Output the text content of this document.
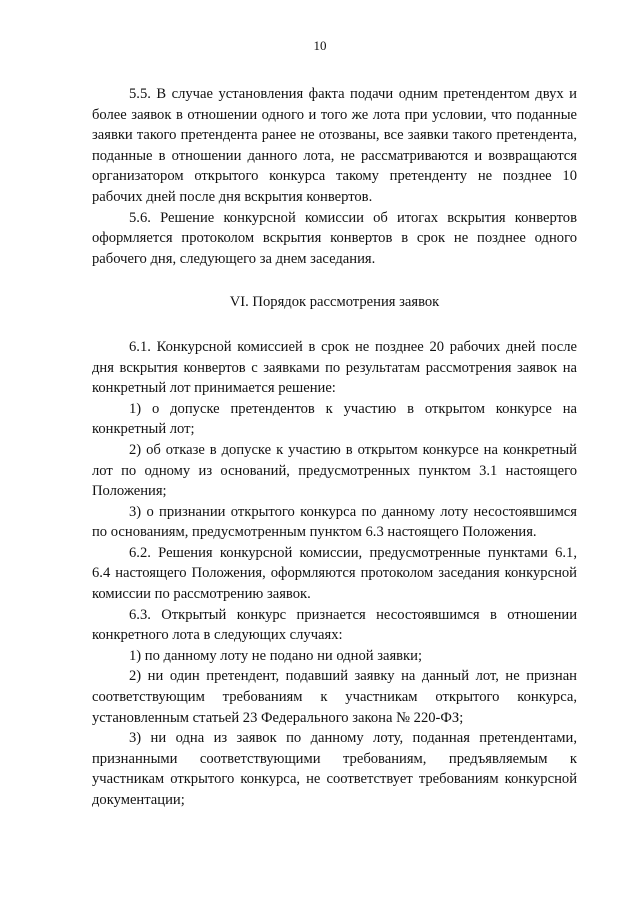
10

5.5. В случае установления факта подачи одним претендентом двух и более заявок в отношении одного и того же лота при условии, что поданные заявки такого претендента ранее не отозваны, все заявки такого претендента, поданные в отношении данного лота, не рассматриваются и возвращаются организатором открытого конкурса такому претенденту не позднее 10 рабочих дней после дня вскрытия конвертов.

5.6. Решение конкурсной комиссии об итогах вскрытия конвертов оформляется протоколом вскрытия конвертов в срок не позднее одного рабочего дня, следующего за днем заседания.

VI. Порядок рассмотрения заявок

6.1. Конкурсной комиссией в срок не позднее 20 рабочих дней после дня вскрытия конвертов с заявками по результатам рассмотрения заявок на конкретный лот принимается решение:

1) о допуске претендентов к участию в открытом конкурсе на конкретный лот;

2) об отказе в допуске к участию в открытом конкурсе на конкретный лот по одному из оснований, предусмотренных пунктом 3.1 настоящего Положения;

3) о признании открытого конкурса по данному лоту несостоявшимся по основаниям, предусмотренным пунктом 6.3 настоящего Положения.

6.2. Решения конкурсной комиссии, предусмотренные пунктами 6.1, 6.4 настоящего Положения, оформляются протоколом заседания конкурсной комиссии по рассмотрению заявок.

6.3. Открытый конкурс признается несостоявшимся в отношении конкретного лота в следующих случаях:

1) по данному лоту не подано ни одной заявки;

2) ни один претендент, подавший заявку на данный лот, не признан соответствующим требованиям к участникам открытого конкурса, установленным статьей 23 Федерального закона № 220-ФЗ;

3) ни одна из заявок по данному лоту, поданная претендентами, признанными соответствующими требованиям, предъявляемым к участникам открытого конкурса, не соответствует требованиям конкурсной документации;
